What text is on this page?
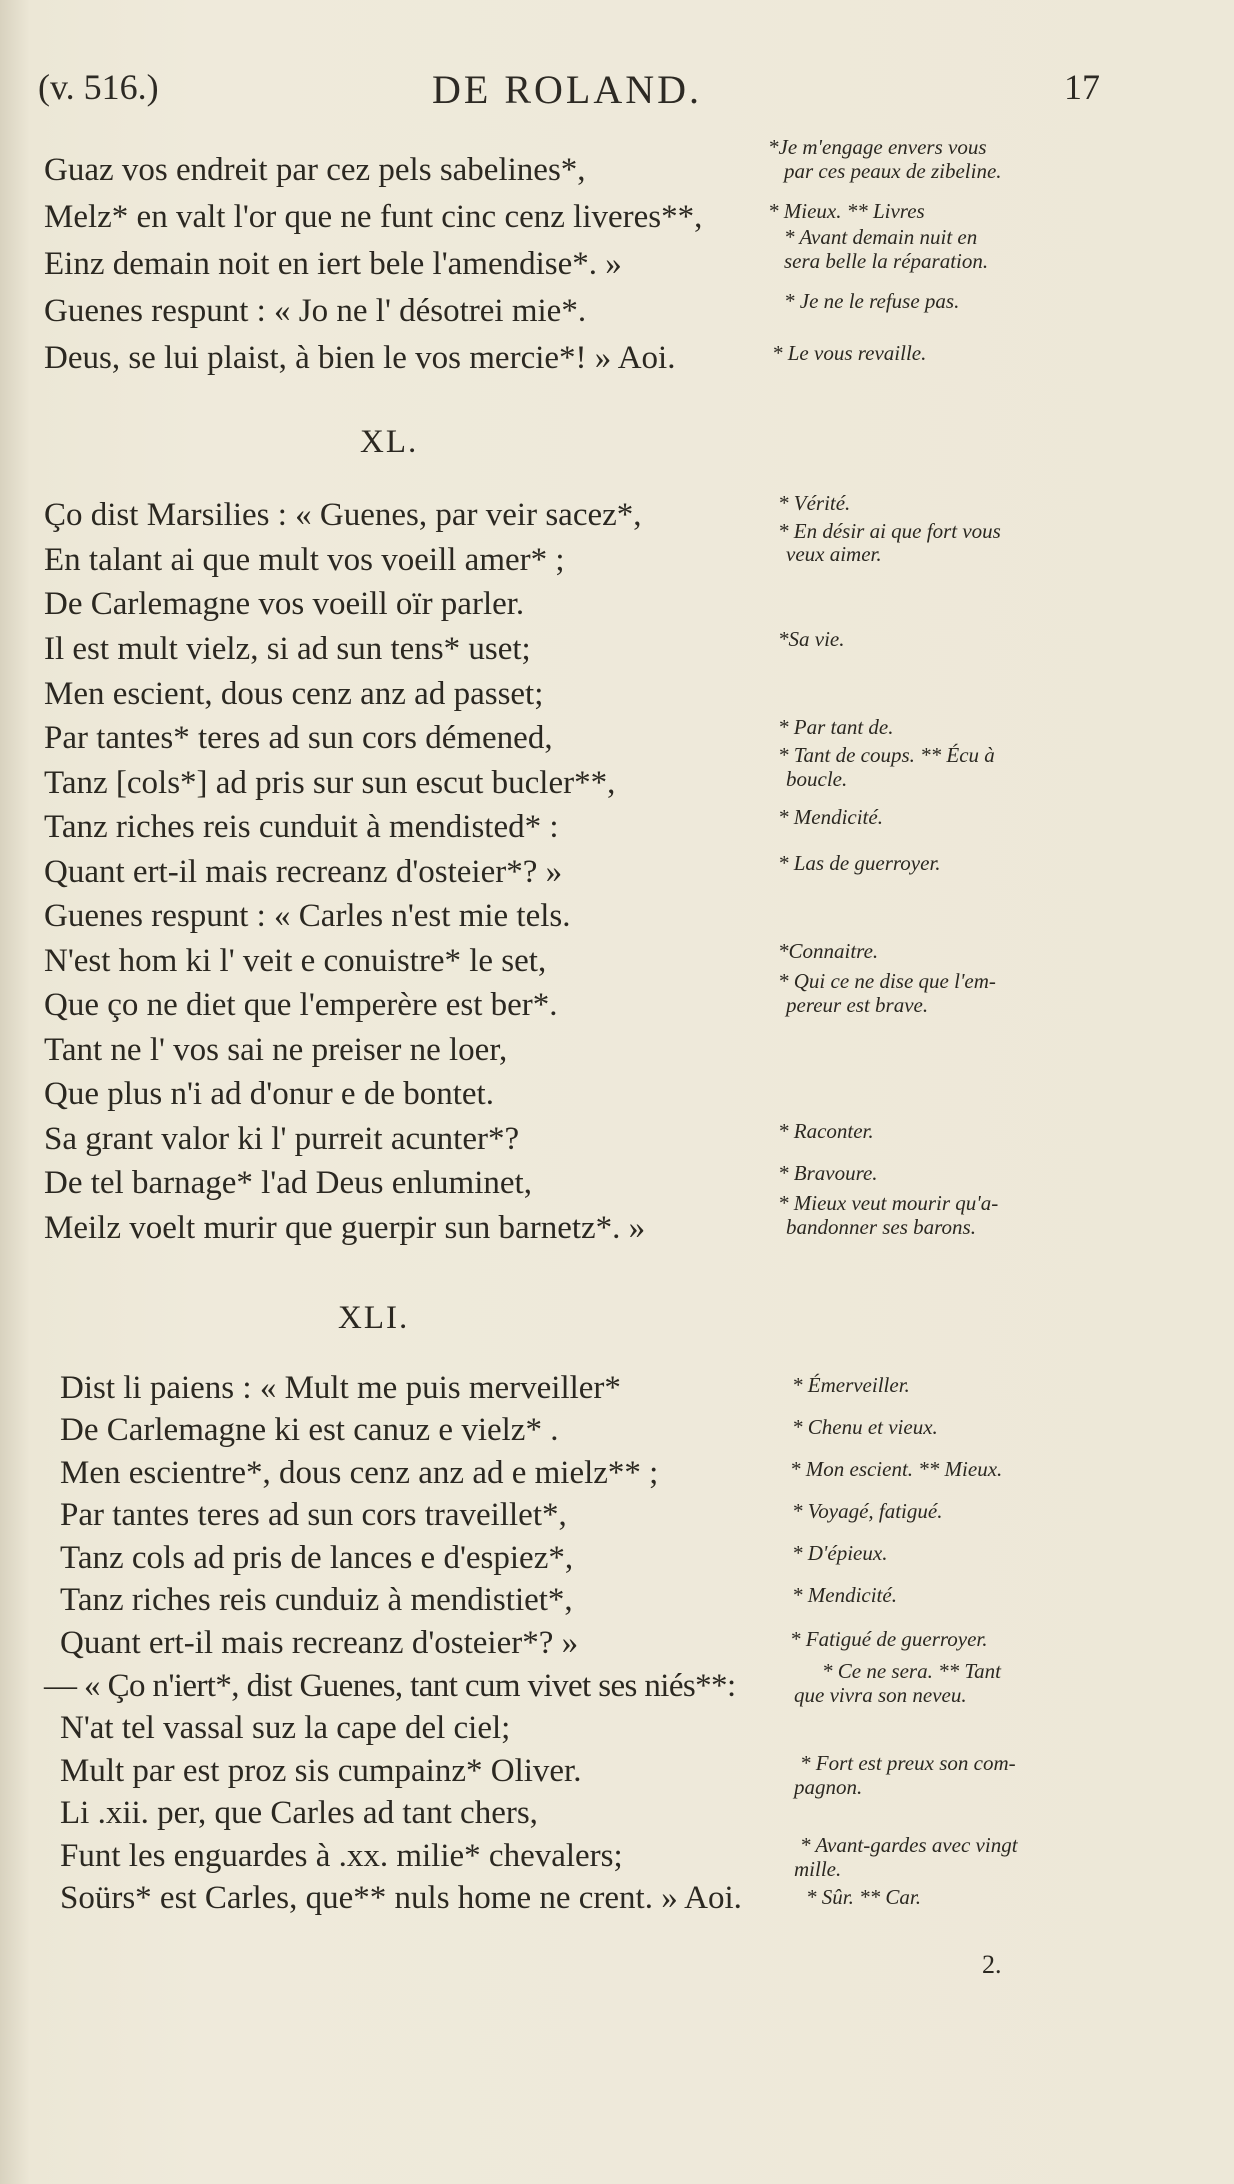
(v. 516.)	DE ROLAND.	17
Guaz vos endreit par cez pels sabelines*,
Melz* en valt l'or que ne funt cinc cenz liveres**,
Einz demain noit en iert bele l'amendise*. »
Guenes respunt : « Jo ne l' désotrei mie*.
Deus, se lui plaist, à bien le vos mercie*! » Aoi.
*Je m'engage envers vous
par ces peaux de zibeline.
* Mieux. ** Livres
* Avant demain nuit en
sera belle la réparation.
* Je ne le refuse pas.
* Le vous revaille.
XL.
Ço dist Marsilies : « Guenes, par veir sacez*,
En talant ai que mult vos voeill amer* ;
De Carlemagne vos voeill oïr parler.
Il est mult vielz, si ad sun tens* uset;
Men escient, dous cenz anz ad passet;
Par tantes* teres ad sun cors démened,
Tanz [cols*] ad pris sur sun escut bucler**,
Tanz riches reis cunduit à mendisted* :
Quant ert-il mais recreanz d'osteier*? »
Guenes respunt : « Carles n'est mie tels.
N'est hom ki l' veit e conuistre* le set,
Que ço ne diet que l'emperère est ber*.
Tant ne l' vos sai ne preiser ne loer,
Que plus n'i ad d'onur e de bontet.
Sa grant valor ki l' purreit acunter*?
De tel barnage* l'ad Deus enluminet,
Meilz voelt murir que guerpir sun barnetz*. »
* Vérité.
* En désir ai que fort vous
veux aimer.
*Sa vie.
* Par tant de.
* Tant de coups. ** Écu à
boucle.
* Mendicité.
* Las de guerroyer.
*Connaitre.
* Qui ce ne dise que l'em-
pereur est brave.
* Raconter.
* Bravoure.
* Mieux veut mourir qu'a-
bandonner ses barons.
XLI.
Dist li paiens : « Mult me puis merveiller*
De Carlemagne ki est canuz e vielz* .
Men escientre*, dous cenz anz ad e mielz** ;
Par tantes teres ad sun cors traveillet*,
Tanz cols ad pris de lances e d'espiez*,
Tanz riches reis cunduiz à mendistiet*,
Quant ert-il mais recreanz d'osteier*? »
— « Ço n'iert*, dist Guenes, tant cum vivet ses niés**:
N'at tel vassal suz la cape del ciel;
Mult par est proz sis cumpainz* Oliver.
Li .xii. per, que Carles ad tant chers,
Funt les enguardes à .xx. milie* chevalers;
Soürs* est Carles, que** nuls home ne crent. » Aoi.
* Émerveiller.
* Chenu et vieux.
* Mon escient. ** Mieux.
* Voyagé, fatigué.
* D'épieux.
* Mendicité.
* Fatigué de guerroyer.
* Ce ne sera. ** Tant
que vivra son neveu.
* Fort est preux son com-
pagnon.
* Avant-gardes avec vingt
mille.
* Sûr. ** Car.
2.
